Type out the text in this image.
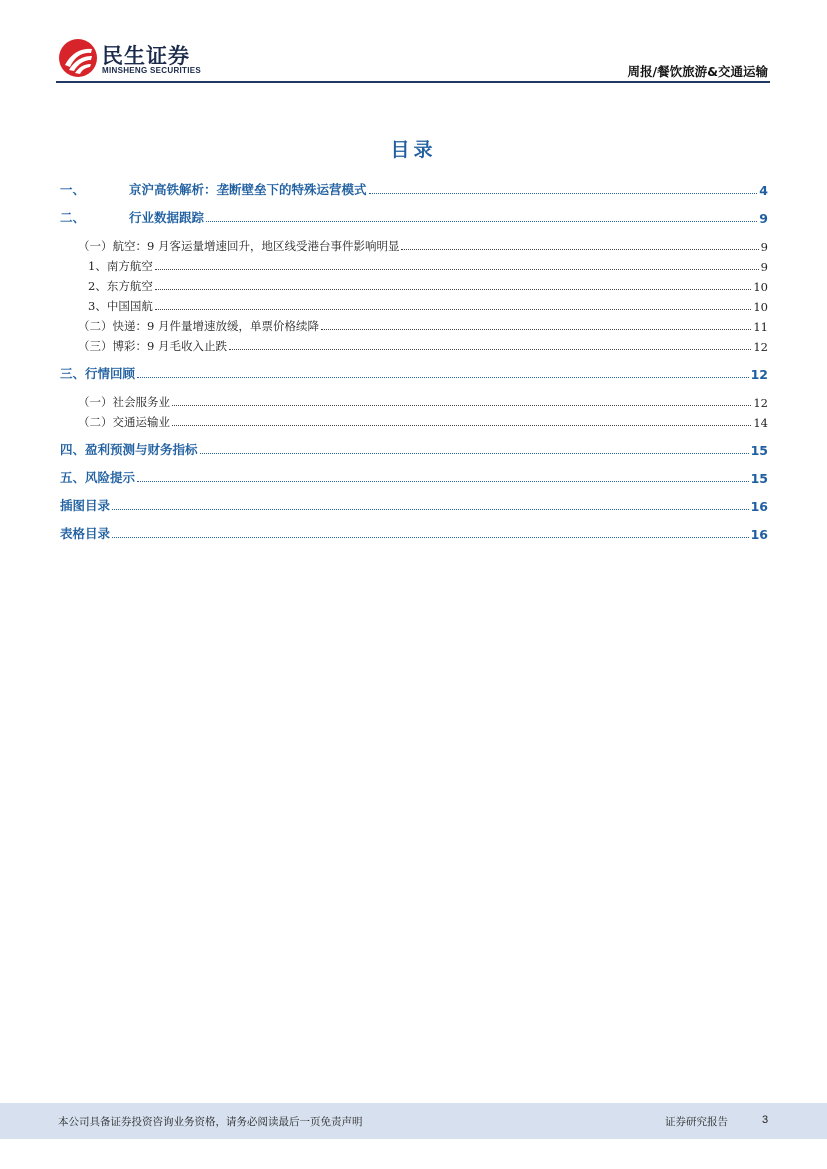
民生证券
MINSHENG SECURITIES	周报/餐饮旅游&交通运输
目录
一、	京沪高铁解析：垄断壁垒下的特殊运营模式	4
二、	行业数据跟踪	9
（一）航空：9 月客运量增速回升，地区线受港台事件影响明显	9
1、南方航空	9
2、东方航空	10
3、中国国航	10
（二）快递：9 月件量增速放缓，单票价格续降	11
（三）博彩：9 月毛收入止跌	12
三、行情回顾	12
（一）社会服务业	12
（二）交通运输业	14
四、盈利预测与财务指标	15
五、风险提示	15
插图目录	16
表格目录	16
本公司具备证券投资咨询业务资格，请务必阅读最后一页免责声明	证券研究报告	3
